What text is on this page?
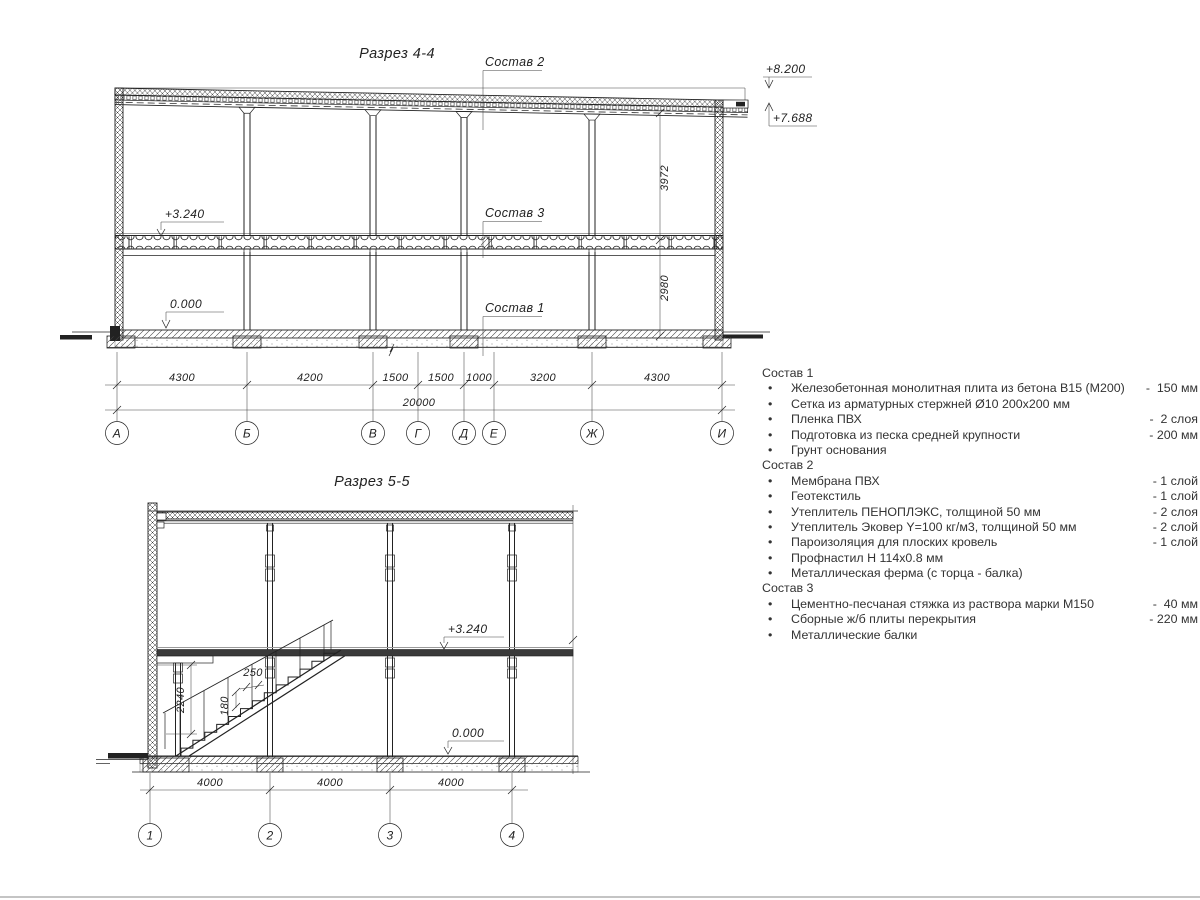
Разрез 4-4
3972
2980
Состав 2
Состав 3
Состав 1
+3.240
0.000
+8.200
+7.688
20000
4300	4200	1500 1500 1000	3200	4300
А	Б	В	Г	Д Е	Ж	И
Разрез 5-5
+3.240
0.000
2240
250
180
4000	4000	4000
1	2	3	4
Состав 1
•	Железобетонная монолитная плита из бетона В15 (М200)	-  150 мм
•	Сетка из арматурных стержней Ø10 200х200 мм
•	Пленка ПВХ	-  2 слоя
•	Подготовка из песка средней крупности	- 200 мм
•	Грунт основания
Состав 2
•	Мембрана ПВХ	- 1 слой
•	Геотекстиль	- 1 слой
•	Утеплитель ПЕНОПЛЭКС, толщиной 50 мм	- 2 слоя
•	Утеплитель Эковер Y=100 кг/м3, толщиной 50 мм	- 2 слой
•	Пароизоляция для плоских кровель	- 1 слой
•	Профнастил Н 114х0.8 мм
•	Металлическая ферма (с торца - балка)
Состав 3
•	Цементно-песчаная стяжка из раствора марки М150	-  40 мм
•	Сборные ж/б плиты перекрытия	- 220 мм
•	Металлические балки
